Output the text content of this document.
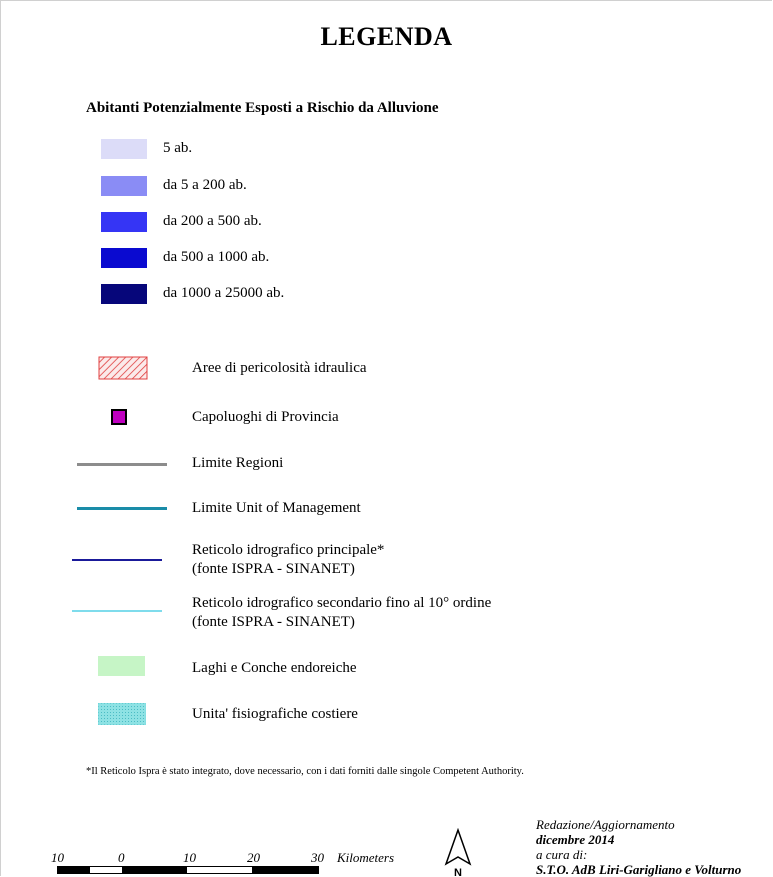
LEGENDA
Abitanti Potenzialmente Esposti a Rischio da Alluvione
5 ab.
da 5 a 200 ab.
da 200 a 500 ab.
da 500 a 1000 ab.
da 1000 a 25000 ab.
Aree di pericolosità idraulica
Capoluoghi di Provincia
Limite Regioni
Limite Unit of Management
Reticolo idrografico principale*
(fonte ISPRA - SINANET)
Reticolo idrografico secondario fino al 10° ordine
(fonte ISPRA - SINANET)
Laghi e Conche endoreiche
Unita' fisiografiche costiere
*Il Reticolo Ispra è stato integrato, dove necessario, con i dati forniti dalle singole Competent Authority.
10	0	10	20	30 Kilometers
N
Redazione/Aggiornamento
dicembre 2014
a cura di:
S.T.O. AdB Liri-Garigliano e Volturno
